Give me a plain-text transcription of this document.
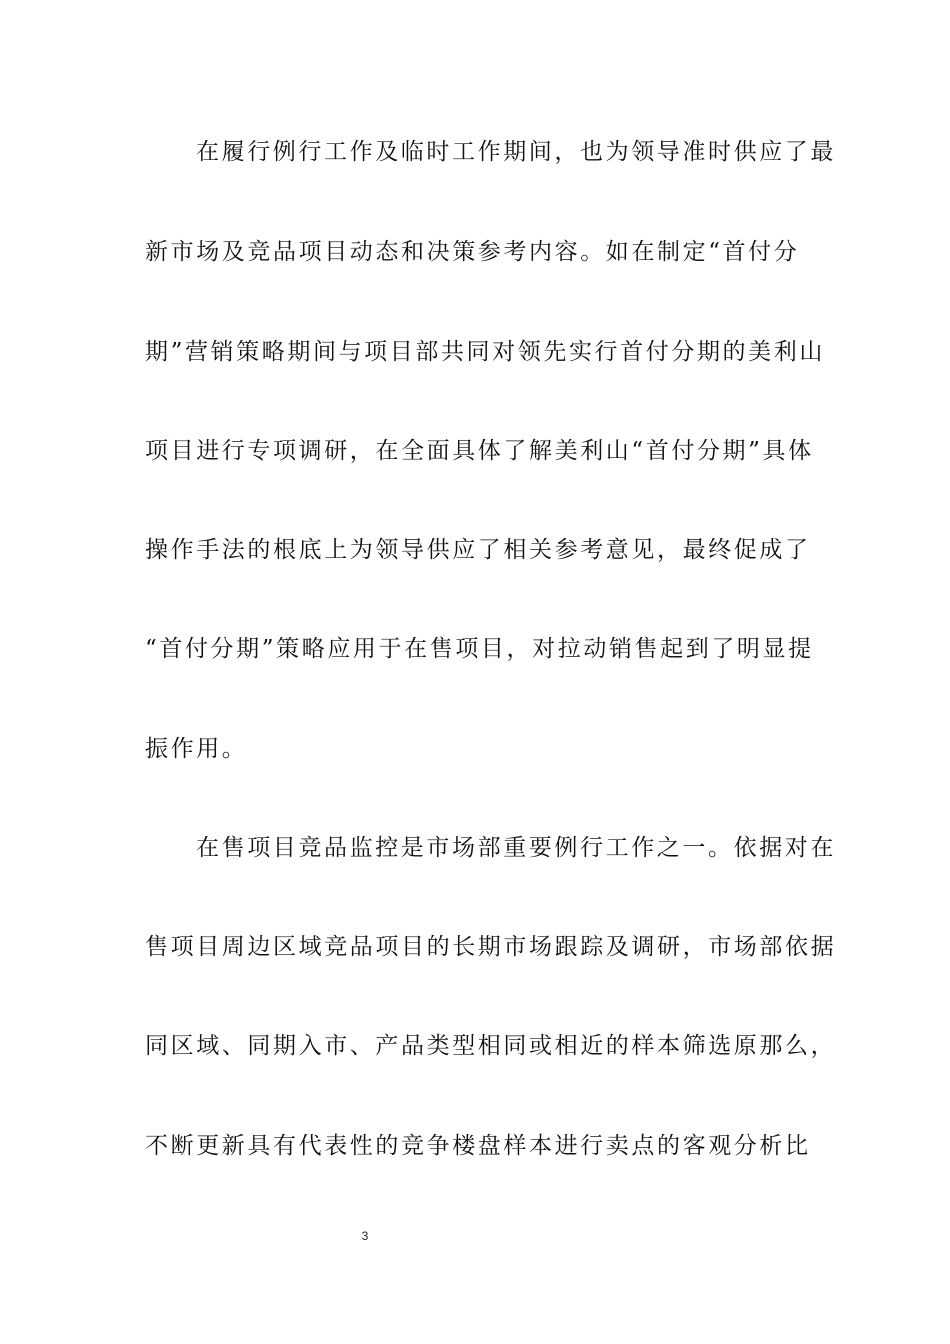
在履行例行工作及临时工作期间，也为领导准时供应了最
新市场及竞品项目动态和决策参考内容。如在制定“首付分
期”营销策略期间与项目部共同对领先实行首付分期的美利山
项目进行专项调研，在全面具体了解美利山“首付分期”具体
操作手法的根底上为领导供应了相关参考意见，最终促成了
“首付分期”策略应用于在售项目，对拉动销售起到了明显提
振作用。
在售项目竞品监控是市场部重要例行工作之一。依据对在
售项目周边区域竞品项目的长期市场跟踪及调研，市场部依据
同区域、同期入市、产品类型相同或相近的样本筛选原那么，
不断更新具有代表性的竞争楼盘样本进行卖点的客观分析比
3
